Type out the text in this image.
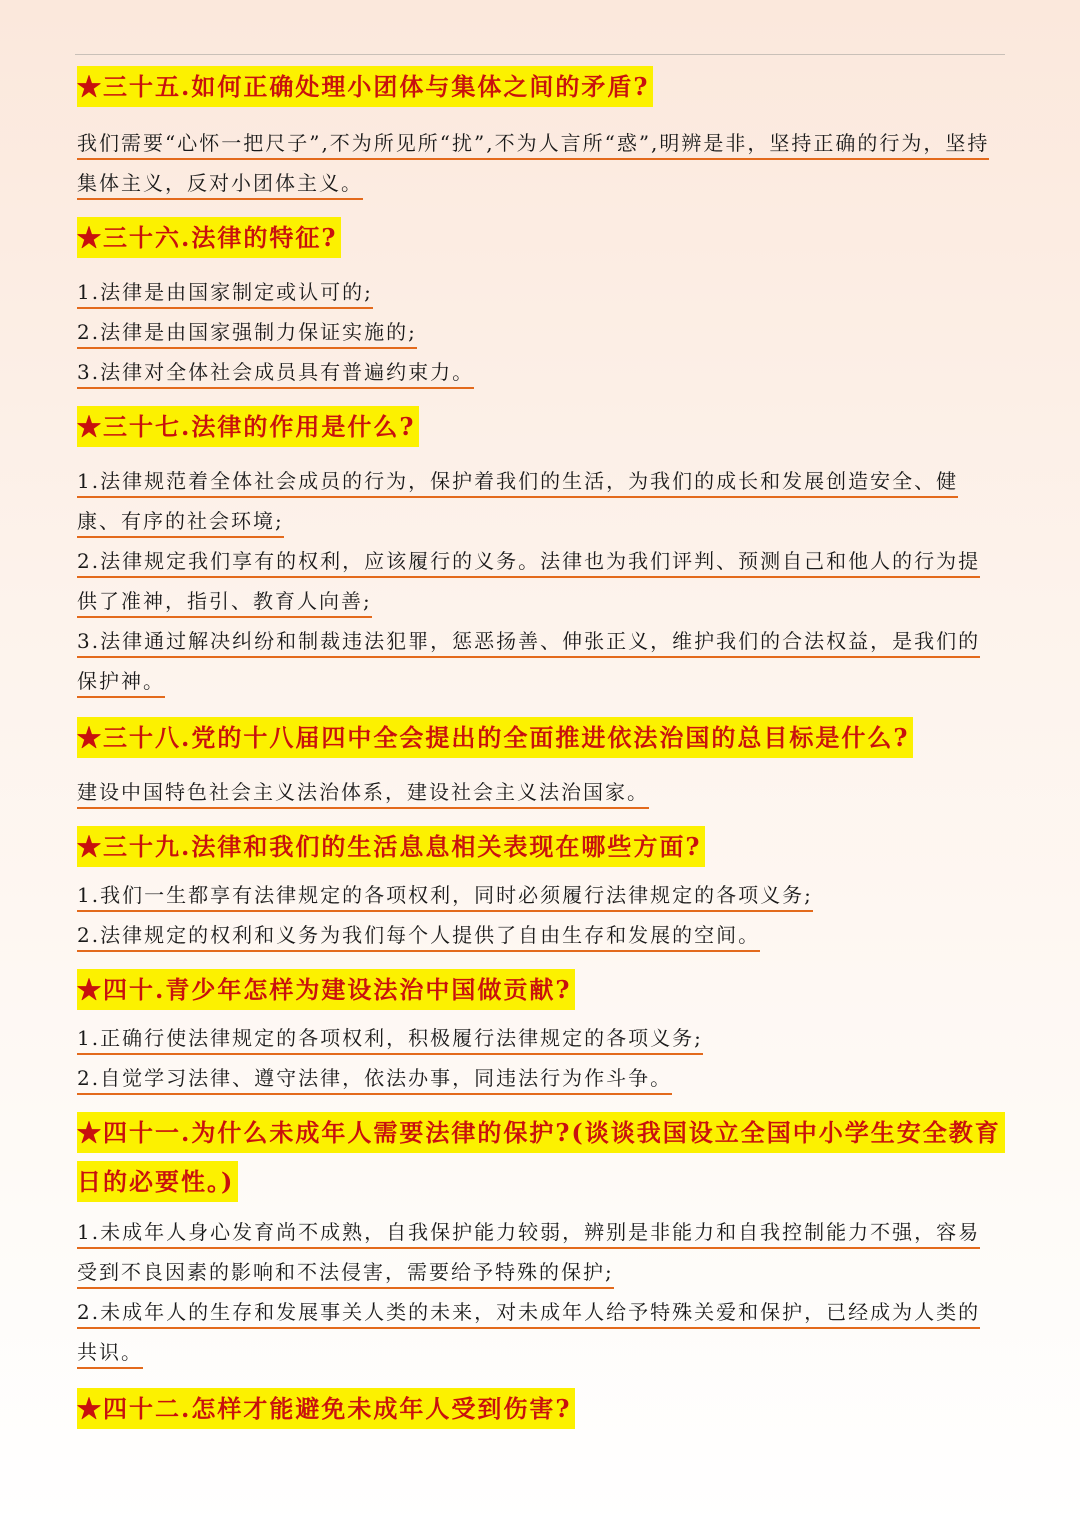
★三十五.如何正确处理小团体与集体之间的矛盾?
我们需要“心怀一把尺子”,不为所见所“扰”,不为人言所“惑”,明辨是非，坚持正确的行为，坚持集体主义，反对小团体主义。
★三十六.法律的特征?
1.法律是由国家制定或认可的;
2.法律是由国家强制力保证实施的;
3.法律对全体社会成员具有普遍约束力。
★三十七.法律的作用是什么?
1.法律规范着全体社会成员的行为，保护着我们的生活，为我们的成长和发展创造安全、健康、有序的社会环境;
2.法律规定我们享有的权利，应该履行的义务。法律也为我们评判、预测自己和他人的行为提供了准神，指引、教育人向善;
3.法律通过解决纠纷和制裁违法犯罪，惩恶扬善、伸张正义，维护我们的合法权益，是我们的保护神。
★三十八.党的十八届四中全会提出的全面推进依法治国的总目标是什么?
建设中国特色社会主义法治体系，建设社会主义法治国家。
★三十九.法律和我们的生活息息相关表现在哪些方面?
1.我们一生都享有法律规定的各项权利，同时必须履行法律规定的各项义务;
2.法律规定的权利和义务为我们每个人提供了自由生存和发展的空间。
★四十.青少年怎样为建设法治中国做贡献?
1.正确行使法律规定的各项权利，积极履行法律规定的各项义务;
2.自觉学习法律、遵守法律，依法办事，同违法行为作斗争。
★四十一.为什么未成年人需要法律的保护?(谈谈我国设立全国中小学生安全教育日的必要性。)
1.未成年人身心发育尚不成熟，自我保护能力较弱，辨别是非能力和自我控制能力不强，容易受到不良因素的影响和不法侵害，需要给予特殊的保护;
2.未成年人的生存和发展事关人类的未来，对未成年人给予特殊关爱和保护，已经成为人类的共识。
★四十二.怎样才能避免未成年人受到伤害?
